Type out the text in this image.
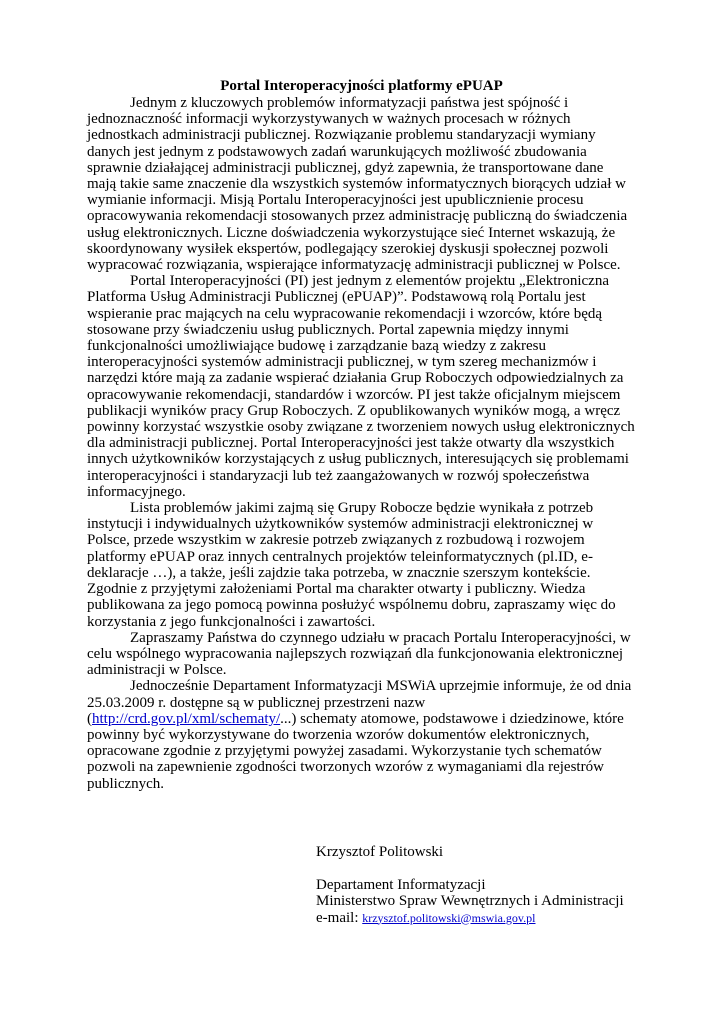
Portal Interoperacyjności platformy ePUAP

Jednym z kluczowych problemów informatyzacji państwa jest spójność i jednoznaczność informacji wykorzystywanych w ważnych procesach w różnych jednostkach administracji publicznej. Rozwiązanie problemu standaryzacji wymiany danych jest jednym z podstawowych zadań warunkujących możliwość zbudowania sprawnie działającej administracji publicznej, gdyż zapewnia, że transportowane dane mają takie same znaczenie dla wszystkich systemów informatycznych biorących udział w wymianie informacji. Misją Portalu Interoperacyjności jest upublicznienie procesu opracowywania rekomendacji stosowanych przez administrację publiczną do świadczenia usług elektronicznych. Liczne doświadczenia wykorzystujące sieć Internet wskazują, że skoordynowany wysiłek ekspertów, podlegający szerokiej dyskusji społecznej pozwoli wypracować rozwiązania, wspierające informatyzację administracji publicznej w Polsce.

Portal Interoperacyjności (PI) jest jednym z elementów projektu „Elektroniczna Platforma Usług Administracji Publicznej (ePUAP)”. Podstawową rolą Portalu jest wspieranie prac mających na celu wypracowanie rekomendacji i wzorców, które będą stosowane przy świadczeniu usług publicznych. Portal zapewnia między innymi funkcjonalności umożliwiające budowę i zarządzanie bazą wiedzy z zakresu interoperacyjności systemów administracji publicznej, w tym szereg mechanizmów i narzędzi które mają za zadanie wspierać działania Grup Roboczych odpowiedzialnych za opracowywanie rekomendacji, standardów i wzorców. PI jest także oficjalnym miejscem publikacji wyników pracy Grup Roboczych. Z opublikowanych wyników mogą, a wręcz powinny korzystać wszystkie osoby związane z tworzeniem nowych usług elektronicznych dla administracji publicznej. Portal Interoperacyjności jest także otwarty dla wszystkich innych użytkowników korzystających z usług publicznych, interesujących się problemami interoperacyjności i standaryzacji lub też zaangażowanych w rozwój społeczeństwa informacyjnego.

Lista problemów jakimi zajmą się Grupy Robocze będzie wynikała z potrzeb instytucji i indywidualnych użytkowników systemów administracji elektronicznej w Polsce, przede wszystkim w zakresie potrzeb związanych z rozbudową i rozwojem platformy ePUAP oraz innych centralnych projektów teleinformatycznych (pl.ID, e-deklaracje …), a także, jeśli zajdzie taka potrzeba, w znacznie szerszym kontekście. Zgodnie z przyjętymi założeniami Portal ma charakter otwarty i publiczny. Wiedza publikowana za jego pomocą powinna posłużyć wspólnemu dobru, zapraszamy więc do korzystania z jego funkcjonalności i zawartości.

Zapraszamy Państwa do czynnego udziału w pracach Portalu Interoperacyjności, w celu wspólnego wypracowania najlepszych rozwiązań dla funkcjonowania elektronicznej administracji w Polsce.

Jednocześnie Departament Informatyzacji MSWiA uprzejmie informuje, że od dnia 25.03.2009 r. dostępne są w publicznej przestrzeni nazw (http://crd.gov.pl/xml/schematy/...) schematy atomowe, podstawowe i dziedzinowe, które powinny być wykorzystywane do tworzenia wzorów dokumentów elektronicznych, opracowane zgodnie z przyjętymi powyżej zasadami. Wykorzystanie tych schematów pozwoli na zapewnienie zgodności tworzonych wzorów z wymaganiami dla rejestrów publicznych.

Krzysztof Politowski
Departament Informatyzacji
Ministerstwo Spraw Wewnętrznych i Administracji
e-mail: krzysztof.politowski@mswia.gov.pl
